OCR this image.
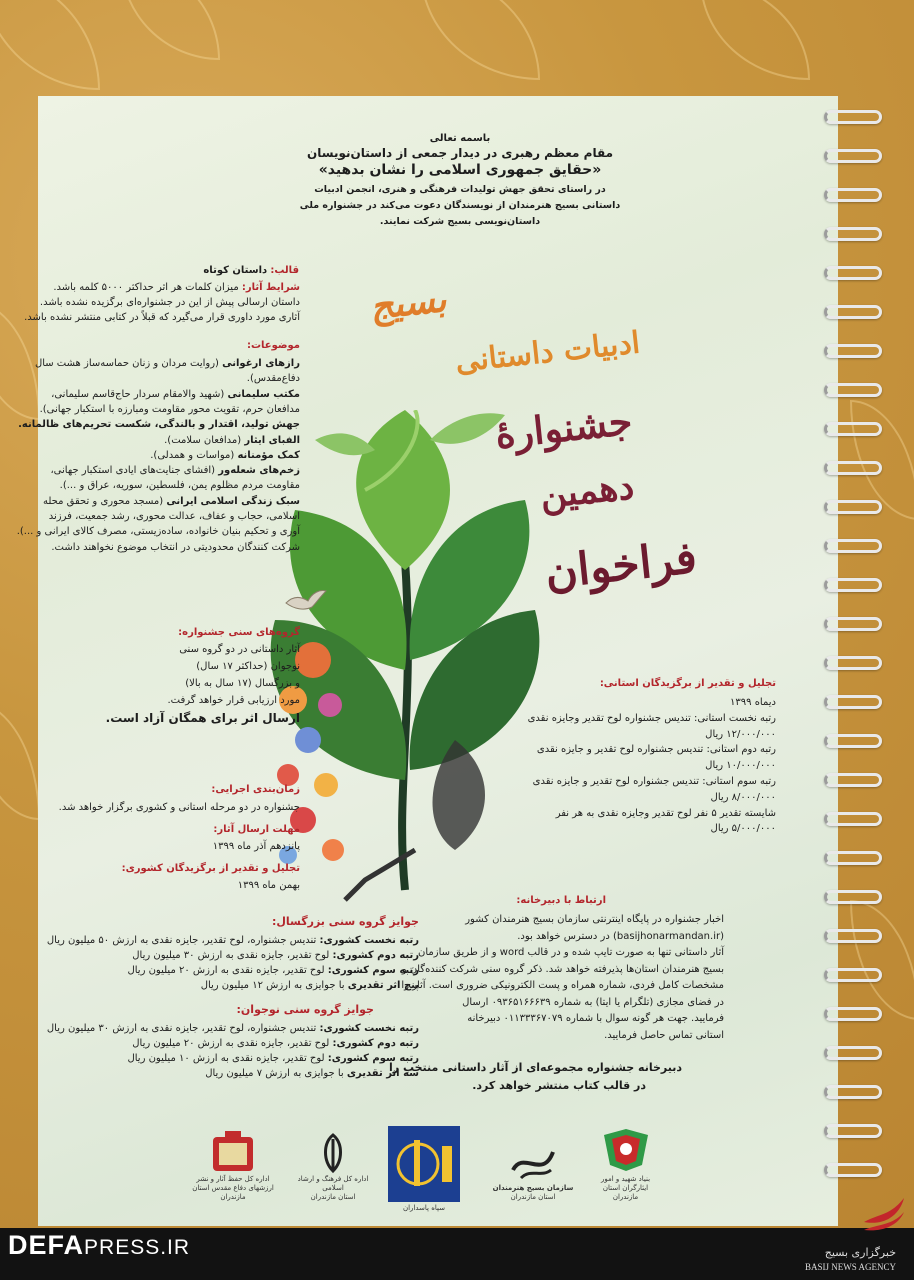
باسمه تعالی
مقام معظم رهبری در دیدار جمعی از داستان‌نویسان
«حقایق جمهوری اسلامی را نشان بدهید»
در راستای تحقق جهش تولیدات فرهنگی و هنری، انجمن ادبیات
داستانی بسیج هنرمندان از نویسندگان دعوت می‌کند در جشنواره ملی
داستان‌نویسی بسیج شرکت نمایند.
بسیج
ادبیات داستانی
جشنوارهٔ
دهمین
فراخوان
قالب: داستان کوتاه
شرایط آثار: میزان کلمات هر اثر حداکثر ۵۰۰۰ کلمه باشد.
داستان ارسالی پیش از این در جشنواره‌ای برگزیده نشده باشد.
آثاری مورد داوری قرار می‌گیرد که قبلاً در کتابی منتشر نشده باشد.
موضوعات:
رازهای ارغوانی (روایت مردان و زنان حماسه‌ساز هشت سال
دفاع‌مقدس).
مکتب سلیمانی (شهید والامقام سردار حاج‌قاسم سلیمانی،
مدافعان حرم، تقویت محور مقاومت ومبارزه با استکبار جهانی).
جهش تولید، اقتدار و بالندگی، شکست تحریم‌های ظالمانه.
الفبای ایثار (مدافعان سلامت).
کمک مؤمنانه (مواسات و همدلی).
زخم‌های شعله‌ور (افشای جنایت‌های ایادی استکبار جهانی،
مقاومت مردم مظلوم یمن، فلسطین، سوریه، عراق و ...).
سبک زندگی اسلامی ایرانی (مسجد محوری و تحقق محله
اسلامی، حجاب و عفاف، عدالت محوری، رشد جمعیت، فرزند
آوری و تحکیم بنیان خانواده، ساده‌زیستی، مصرف کالای ایرانی و ...).
شرکت کنندگان محدودیتی در انتخاب موضوع نخواهند داشت.
گروه‌های سنی جشنواره:
آثار داستانی در دو گروه سنی
نوجوان (حداکثر ۱۷ سال)
و بزرگسال (۱۷ سال به بالا)
مورد ارزیابی قرار خواهد گرفت.
ارسال اثر برای همگان آزاد است.
زمان‌بندی اجرایی:
جشنواره در دو مرحله استانی و کشوری برگزار خواهد شد.
مهلت ارسال آثار:
پانزدهم آذر ماه ۱۳۹۹
تجلیل و تقدیر از برگزیدگان کشوری:
بهمن ماه ۱۳۹۹
جوایز گروه سنی بزرگسال:
رتبه نخست کشوری: تندیس جشنواره، لوح تقدیر، جایزه نقدی به ارزش ۵۰ میلیون ریال
رتبه دوم کشوری: لوح تقدیر، جایزه نقدی به ارزش ۳۰ میلیون ریال
رتبه سوم کشوری: لوح تقدیر، جایزه نقدی به ارزش ۲۰ میلیون ریال
پنج اثر تقدیری با جوایزی به ارزش ۱۲ میلیون ریال
جوایز گروه سنی نوجوان:
رتبه نخست کشوری: تندیس جشنواره، لوح تقدیر، جایزه نقدی به ارزش ۳۰ میلیون ریال
رتبه دوم کشوری: لوح تقدیر، جایزه نقدی به ارزش ۲۰ میلیون ریال
رتبه سوم کشوری: لوح تقدیر، جایزه نقدی به ارزش ۱۰ میلیون ریال
سه اثر تقدیری با جوایزی به ارزش ۷ میلیون ریال
تجلیل و تقدیر از برگزیدگان استانی:
دیماه ۱۳۹۹
رتبه نخست استانی: تندیس جشنواره لوح تقدیر وجایزه نقدی
۱۲/۰۰۰/۰۰۰ ریال
رتبه دوم استانی: تندیس جشنواره لوح تقدیر و جایزه نقدی
۱۰/۰۰۰/۰۰۰ ریال
رتبه سوم استانی: تندیس جشنواره لوح تقدیر و جایزه نقدی
۸/۰۰۰/۰۰۰ ریال
شایسته تقدیر ۵ نفر لوح تقدیر وجایزه نقدی به هر نفر
۵/۰۰۰/۰۰۰ ریال
ارتباط با دبیرخانه:
اخبار جشنواره در پایگاه اینترنتی سازمان بسیج هنرمندان کشور
(basijhonarmandan.ir) در دسترس خواهد بود.
آثار داستانی تنها به صورت تایپ شده و در قالب word و از طریق سازمان
بسیج هنرمندان استان‌ها پذیرفته خواهد شد. ذکر گروه سنی شرکت کننده‌گان و
مشخصات کامل فردی، شماره همراه و پست الکترونیکی ضروری است. آثار را
در فضای مجازی (تلگرام یا ایتا) به شماره ۰۹۳۶۵۱۶۶۶۳۹ ارسال
فرمایید. جهت هر گونه سوال با شماره ۰۱۱۳۳۳۶۷۰۷۹ دبیرخانه
استانی تماس حاصل فرمایید.
دبیرخانه جشنواره مجموعه‌ای از آثار داستانی منتخب را
در قالب کتاب منتشر خواهد کرد.
اداره کل حفظ آثار و نشر ارزشهای دفاع مقدس استان مازندران
اداره کل فرهنگ و ارشاد اسلامی
استان مازندران
سپاه پاسداران
سازمان بسیج هنرمندان
استان مازندران
بنیاد شهید و امور ایثارگران استان مازندران
DEFAPRESS.IR	خبرگزاری بسیج
BASIJ NEWS AGENCY
